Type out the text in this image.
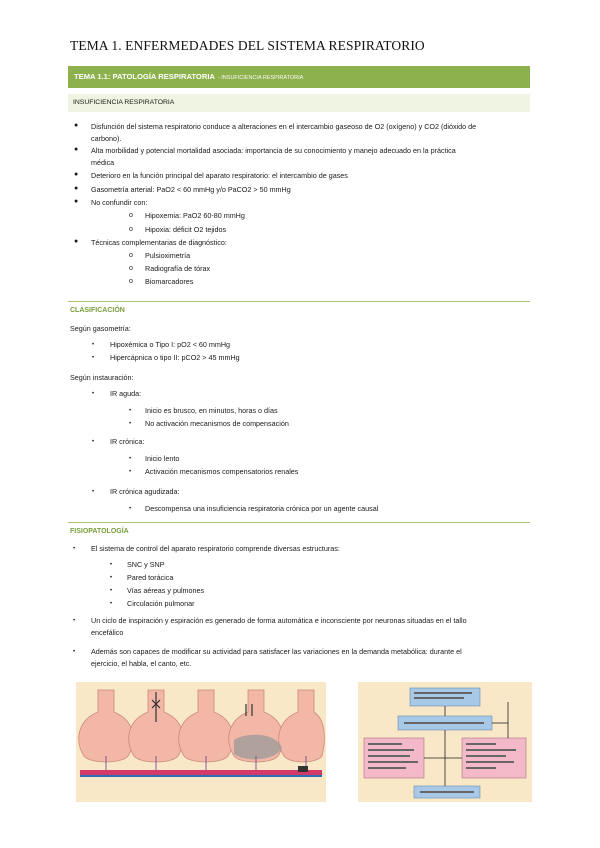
TEMA 1. ENFERMEDADES DEL SISTEMA RESPIRATORIO
TEMA 1.1: PATOLOGÍA RESPIRATORIA - INSUFICIENCIA RESPIRATORIA
INSUFICIENCIA RESPIRATORIA
● Disfunción del sistema respiratorio conduce a alteraciones en el intercambio gaseoso de O2 (oxígeno) y CO2 (dióxido de
carbono).
● Alta morbilidad y potencial mortalidad asociada: importancia de su conocimiento y manejo adecuado en la práctica
médica
● Deterioro en la función principal del aparato respiratorio: el intercambio de gases
● Gasometría arterial: PaO2 < 60 mmHg y/o PaCO2 > 50 mmHg
● No confundir con:
o Hipoxemia: PaO2 60-80 mmHg
o Hipoxia: déficit O2 tejidos
● Técnicas complementarias de diagnóstico:
o Pulsioximetría
o Radiografía de tórax
o Biomarcadores
CLASIFICACIÓN
Según gasometría:
• Hipoxémica o Tipo I: pO2 < 60 mmHg
• Hipercápnica o tipo II: pCO2 > 45 mmHg
Según instauración:
• IR aguda:
• Inicio es brusco, en minutos, horas o días
• No activación mecanismos de compensación
• IR crónica:
• Inicio lento
• Activación mecanismos compensatorios renales
• IR crónica agudizada:
• Descompensa una insuficiencia respiratoria crónica por un agente causal
FISIOPATOLOGÍA
• El sistema de control del aparato respiratorio comprende diversas estructuras:
• SNC y SNP
• Pared torácica
• Vías aéreas y pulmones
• Circulación pulmonar
• Un ciclo de inspiración y espiración es generado de forma automática e inconsciente por neuronas situadas en el tallo
encefálico
• Además son capaces de modificar su actividad para satisfacer las variaciones en la demanda metabólica: durante el
ejercicio, el habla, el canto, etc.
